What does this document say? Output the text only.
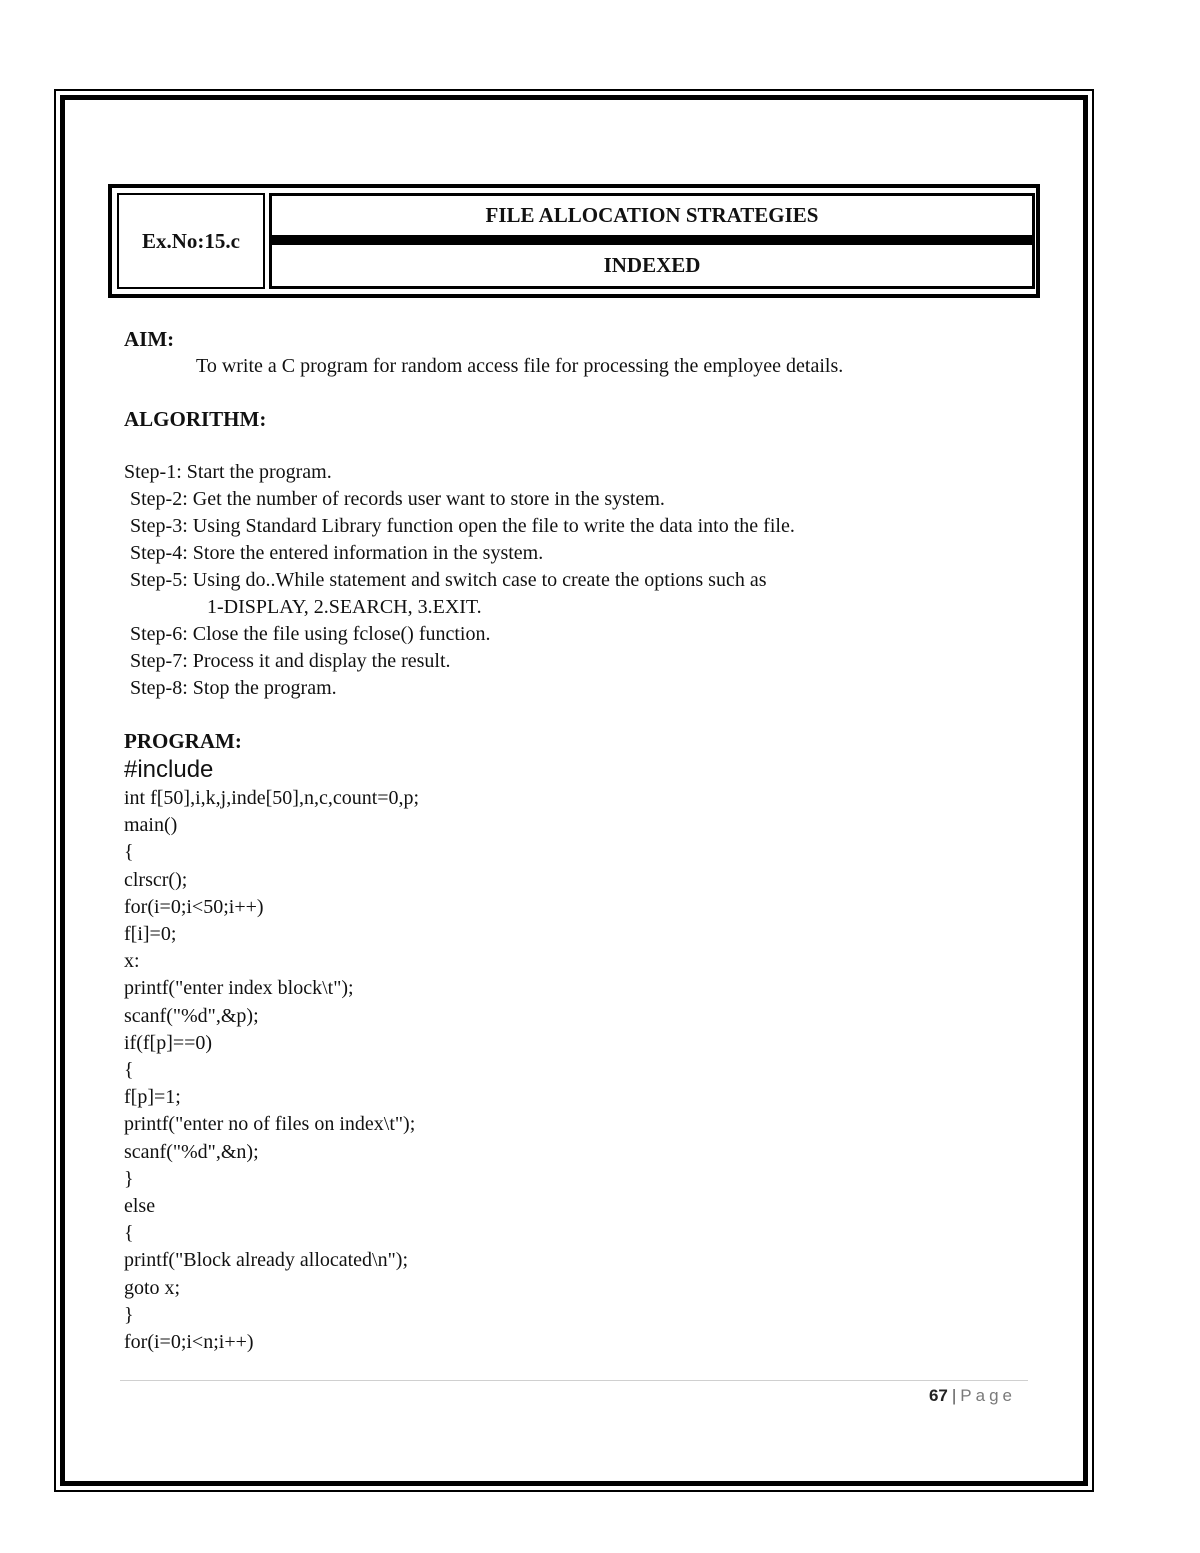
Ex.No:15.c
FILE ALLOCATION STRATEGIES
INDEXED
AIM:
To write a C program for random access file for processing the employee details.
ALGORITHM:
Step-1: Start the program.
Step-2: Get the number of records user want to store in the system.
Step-3: Using Standard Library function open the file to write the data into the file.
Step-4: Store the entered information in the system.
Step-5: Using do..While statement and switch case to create the options such as
1-DISPLAY, 2.SEARCH, 3.EXIT.
Step-6: Close the file using fclose() function.
Step-7: Process it and display the result.
Step-8: Stop the program.
PROGRAM:
#include
int f[50],i,k,j,inde[50],n,c,count=0,p;
main()
{
clrscr();
for(i=0;i<50;i++)
f[i]=0;
x:
printf("enter index block\t");
scanf("%d",&p);
if(f[p]==0)
{
f[p]=1;
printf("enter no of files on index\t");
scanf("%d",&n);
}
else
{
printf("Block already allocated\n");
goto x;
}
for(i=0;i<n;i++)
67 | Page
